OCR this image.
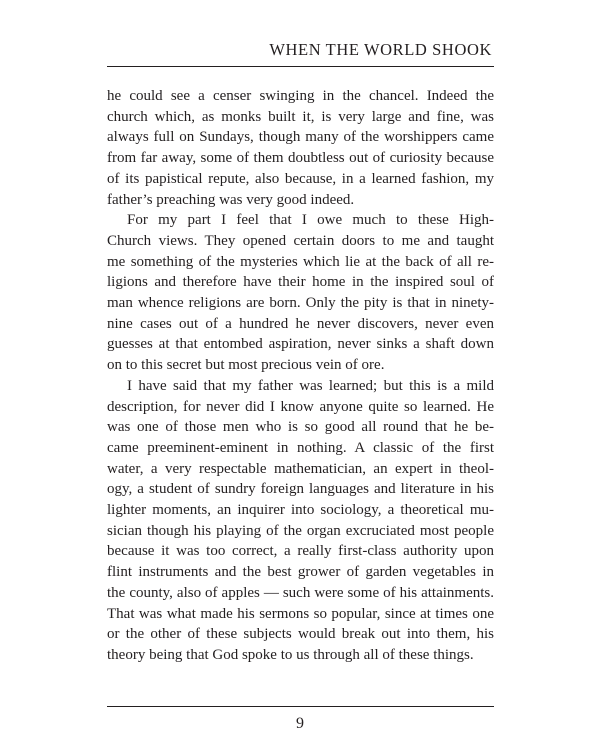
WHEN THE WORLD SHOOK

he could see a censer swinging in the chancel. Indeed the
church which, as monks built it, is very large and fine, was
always full on Sundays, though many of the worshippers came
from far away, some of them doubtless out of curiosity because
of its papistical repute, also because, in a learned fashion, my
father’s preaching was very good indeed.

For my part I feel that I owe much to these High-
Church views. They opened certain doors to me and taught
me something of the mysteries which lie at the back of all re-
ligions and therefore have their home in the inspired soul of
man whence religions are born. Only the pity is that in ninety-
nine cases out of a hundred he never discovers, never even
guesses at that entombed aspiration, never sinks a shaft down
on to this secret but most precious vein of ore.

I have said that my father was learned; but this is a mild
description, for never did I know anyone quite so learned. He
was one of those men who is so good all round that he be-
came preeminent-eminent in nothing. A classic of the first
water, a very respectable mathematician, an expert in theol-
ogy, a student of sundry foreign languages and literature in his
lighter moments, an inquirer into sociology, a theoretical mu-
sician though his playing of the organ excruciated most people
because it was too correct, a really first-class authority upon
flint instruments and the best grower of garden vegetables in
the county, also of apples — such were some of his attainments.
That was what made his sermons so popular, since at times one
or the other of these subjects would break out into them, his
theory being that God spoke to us through all of these things.

9
